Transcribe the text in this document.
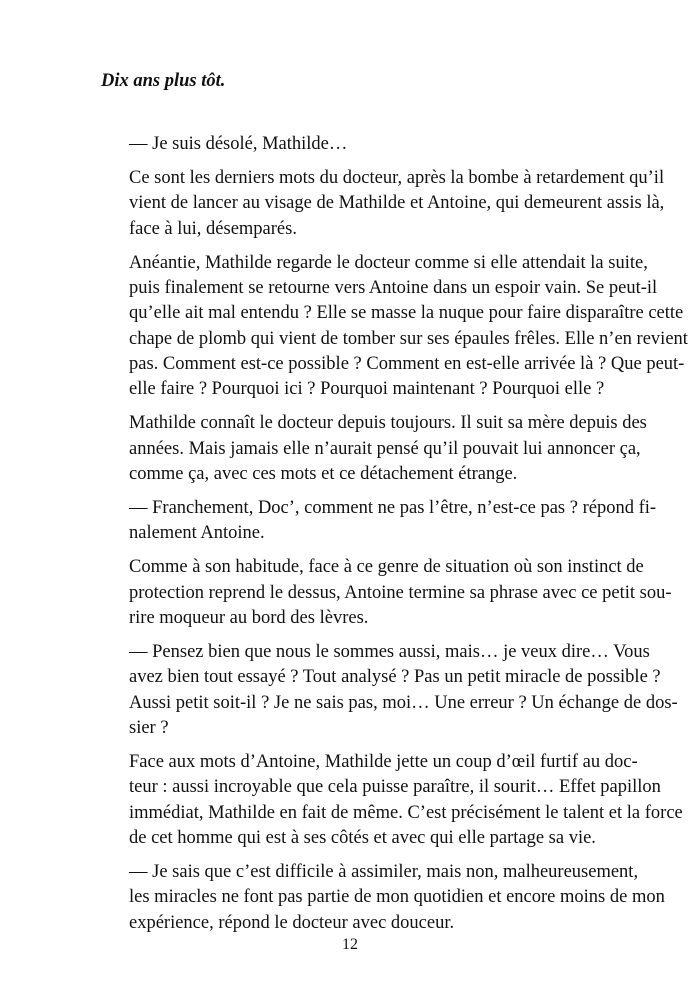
Dix ans plus tôt.

— Je suis désolé, Mathilde…

Ce sont les derniers mots du docteur, après la bombe à retardement qu’il
vient de lancer au visage de Mathilde et Antoine, qui demeurent assis là,
face à lui, désemparés.

Anéantie, Mathilde regarde le docteur comme si elle attendait la suite,
puis finalement se retourne vers Antoine dans un espoir vain. Se peut-il
qu’elle ait mal entendu ? Elle se masse la nuque pour faire disparaître cette
chape de plomb qui vient de tomber sur ses épaules frêles. Elle n’en revient
pas. Comment est-ce possible ? Comment en est-elle arrivée là ? Que peut-
elle faire ? Pourquoi ici ? Pourquoi maintenant ? Pourquoi elle ?

Mathilde connaît le docteur depuis toujours. Il suit sa mère depuis des
années. Mais jamais elle n’aurait pensé qu’il pouvait lui annoncer ça,
comme ça, avec ces mots et ce détachement étrange.

— Franchement, Doc’, comment ne pas l’être, n’est-ce pas ? répond fi-
nalement Antoine.

Comme à son habitude, face à ce genre de situation où son instinct de
protection reprend le dessus, Antoine termine sa phrase avec ce petit sou-
rire moqueur au bord des lèvres.

— Pensez bien que nous le sommes aussi, mais… je veux dire… Vous
avez bien tout essayé ? Tout analysé ? Pas un petit miracle de possible ?
Aussi petit soit-il ? Je ne sais pas, moi… Une erreur ? Un échange de dos-
sier ?

Face aux mots d’Antoine, Mathilde jette un coup d’œil furtif au doc-
teur : aussi incroyable que cela puisse paraître, il sourit… Effet papillon
immédiat, Mathilde en fait de même. C’est précisément le talent et la force
de cet homme qui est à ses côtés et avec qui elle partage sa vie.

— Je sais que c’est difficile à assimiler, mais non, malheureusement,
les miracles ne font pas partie de mon quotidien et encore moins de mon
expérience, répond le docteur avec douceur.

12
